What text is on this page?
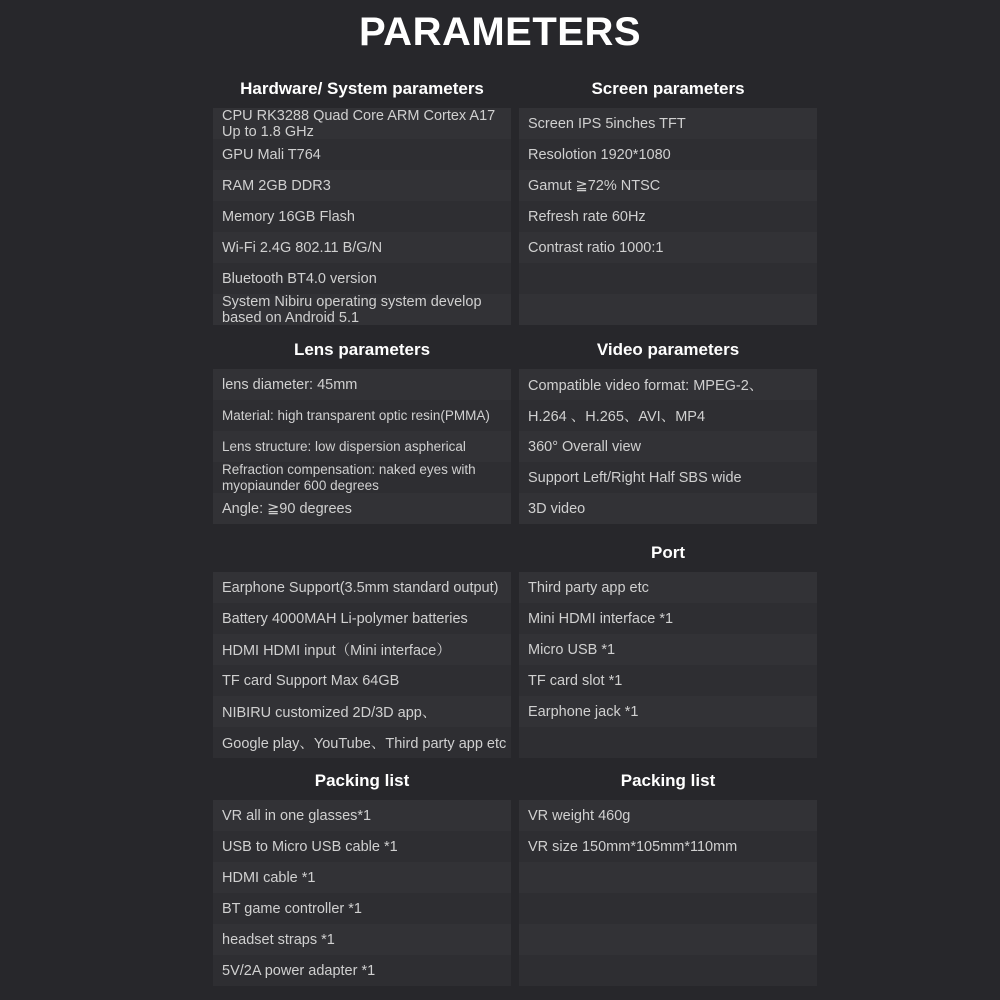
PARAMETERS
Hardware/ System parameters
CPU RK3288 Quad Core ARM Cortex A17 Up to 1.8 GHz
GPU Mali T764
RAM 2GB DDR3
Memory 16GB Flash
Wi-Fi 2.4G 802.11 B/G/N
Bluetooth BT4.0 version
System Nibiru operating system develop based on Android 5.1
Screen parameters
Screen IPS 5inches TFT
Resolotion 1920*1080
Gamut ≧72% NTSC
Refresh rate 60Hz
Contrast ratio 1000:1
Lens parameters
lens diameter: 45mm
Material: high transparent optic resin(PMMA)
Lens structure: low dispersion aspherical
Refraction compensation: naked eyes with myopiaunder 600 degrees
Angle: ≧90 degrees
Video parameters
Compatible video format: MPEG-2、
H.264 、H.265、AVI、MP4
360° Overall view
Support Left/Right Half SBS wide
3D video
Earphone Support(3.5mm standard output)
Battery 4000MAH Li-polymer batteries
HDMI HDMI input（Mini interface）
TF card Support Max 64GB
NIBIRU customized 2D/3D app、
Google play、YouTube、Third party app etc
Port
Third party app etc
Mini HDMI interface *1
Micro USB *1
TF card slot *1
Earphone jack *1
Packing list
VR all in one glasses*1
USB to Micro USB cable *1
HDMI cable *1
BT game controller *1
headset straps *1
5V/2A power adapter *1
Packing list
VR weight 460g
VR size 150mm*105mm*110mm
